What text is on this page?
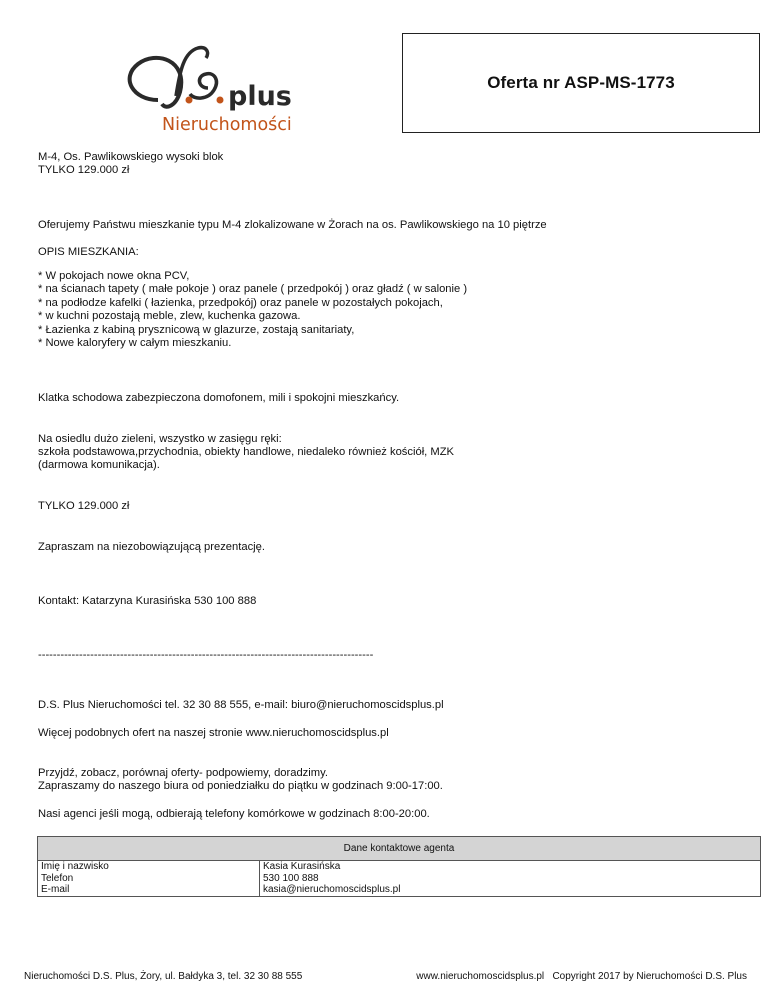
plus
Nieruchomości
Oferta nr ASP-MS-1773
M-4, Os. Pawlikowskiego wysoki blok
TYLKO 129.000 zł
Oferujemy Państwu mieszkanie typu M-4 zlokalizowane w Żorach na os. Pawlikowskiego na 10 piętrze
OPIS MIESZKANIA:
* W pokojach nowe okna PCV,
* na ścianach tapety ( małe pokoje ) oraz panele ( przedpokój ) oraz gładź ( w salonie )
* na podłodze kafelki ( łazienka, przedpokój) oraz panele w pozostałych pokojach,
* w kuchni pozostają meble, zlew, kuchenka gazowa.
* Łazienka z kabiną prysznicową w glazurze, zostają sanitariaty,
* Nowe kaloryfery w całym mieszkaniu.
Klatka schodowa zabezpieczona domofonem, mili i spokojni mieszkańcy.
Na osiedlu dużo zieleni, wszystko w zasięgu ręki:
szkoła podstawowa,przychodnia, obiekty handlowe, niedaleko również kościół, MZK
(darmowa komunikacja).
TYLKO 129.000 zł
Zapraszam na niezobowiązującą prezentację.
Kontakt: Katarzyna Kurasińska 530 100 888
------------------------------------------------------------------------------------------
D.S. Plus Nieruchomości tel. 32 30 88 555, e-mail: biuro@nieruchomoscidsplus.pl
Więcej podobnych ofert na naszej stronie www.nieruchomoscidsplus.pl
Przyjdź, zobacz, porównaj oferty- podpowiemy, doradzimy.
Zapraszamy do naszego biura od poniedziałku do piątku w godzinach 9:00-17:00.
Nasi agenci jeśli mogą, odbierają telefony komórkowe w godzinach 8:00-20:00.
Dane kontaktowe agenta	
Imię i nazwisko	Kasia Kurasińska
Telefon	530 100 888
E-mail	kasia@nieruchomoscidsplus.pl
Nieruchomości D.S. Plus, Żory, ul. Bałdyka 3, tel. 32 30 88 555	www.nieruchomoscidsplus.pl   Copyright 2017 by Nieruchomości D.S. Plus
